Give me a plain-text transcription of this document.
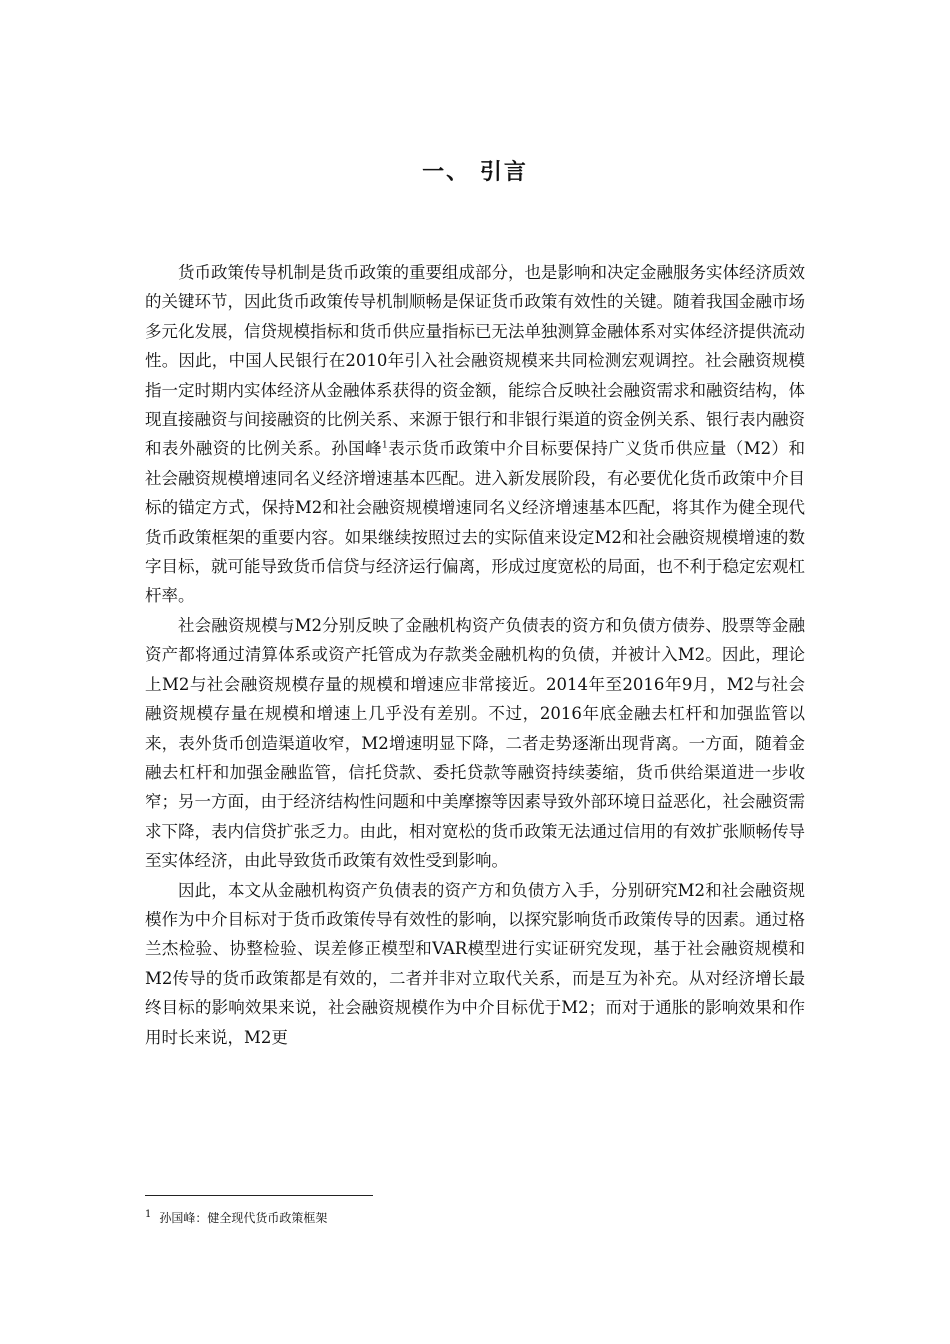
一、 引言

货币政策传导机制是货币政策的重要组成部分，也是影响和决定金融服务实体经济质效的关键环节，因此货币政策传导机制顺畅是保证货币政策有效性的关键。随着我国金融市场多元化发展，信贷规模指标和货币供应量指标已无法单独测算金融体系对实体经济提供流动性。因此，中国人民银行在2010年引入社会融资规模来共同检测宏观调控。社会融资规模指一定时期内实体经济从金融体系获得的资金额，能综合反映社会融资需求和融资结构，体现直接融资与间接融资的比例关系、来源于银行和非银行渠道的资金例关系、银行表内融资和表外融资的比例关系。孙国峰$^1$表示货币政策中介目标要保持广义货币供应量（M2）和社会融资规模增速同名义经济增速基本匹配。进入新发展阶段，有必要优化货币政策中介目标的锚定方式，保持M2和社会融资规模增速同名义经济增速基本匹配，将其作为健全现代货币政策框架的重要内容。如果继续按照过去的实际值来设定M2和社会融资规模增速的数字目标，就可能导致货币信贷与经济运行偏离，形成过度宽松的局面，也不利于稳定宏观杠杆率。

社会融资规模与M2分别反映了金融机构资产负债表的资方和负债方债券、股票等金融资产都将通过清算体系或资产托管成为存款类金融机构的负债，并被计入M2。因此，理论上M2与社会融资规模存量的规模和增速应非常接近。2014年至2016年9月，M2与社会融资规模存量在规模和增速上几乎没有差别。不过，2016年底金融去杠杆和加强监管以来，表外货币创造渠道收窄，M2增速明显下降，二者走势逐渐出现背离。一方面，随着金融去杠杆和加强金融监管，信托贷款、委托贷款等融资持续萎缩，货币供给渠道进一步收窄；另一方面，由于经济结构性问题和中美摩擦等因素导致外部环境日益恶化，社会融资需求下降，表内信贷扩张乏力。由此，相对宽松的货币政策无法通过信用的有效扩张顺畅传导至实体经济，由此导致货币政策有效性受到影响。

因此，本文从金融机构资产负债表的资产方和负债方入手，分别研究M2和社会融资规模作为中介目标对于货币政策传导有效性的影响，以探究影响货币政策传导的因素。通过格兰杰检验、协整检验、误差修正模型和VAR模型进行实证研究发现，基于社会融资规模和M2传导的货币政策都是有效的，二者并非对立取代关系，而是互为补充。从对经济增长最终目标的影响效果来说，社会融资规模作为中介目标优于M2；而对于通胀的影响效果和作用时长来说，M2更

$^1$ 孙国峰：健全现代货币政策框架
